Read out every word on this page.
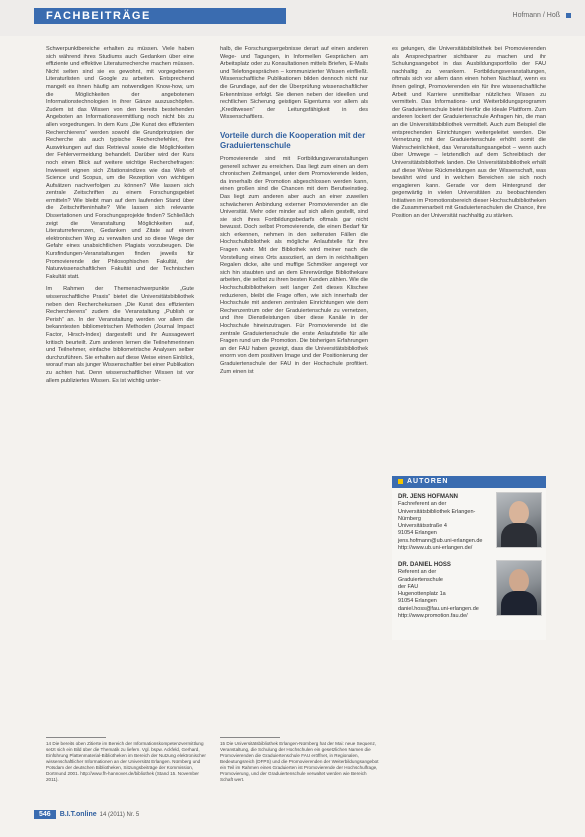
FACHBEITRÄGE	Hofmann / Hoß

Schwerpunktbereiche erhalten zu müssen. Viele haben sich während ihres Studiums auch Gedanken über eine effiziente und effektive Literaturrecherche machen müssen. Nicht selten sind sie es gewohnt, mit vorgegebenen Literaturlisten und Google zu arbeiten. Entsprechend mangelt es ihnen häufig am notwendigen Know-how, um die Möglichkeiten der angebotenen Informationstechnologien in ihrer Gänze auszuschöpfen. Zudem ist das Wissen von den bereits bestehenden Angeboten an Informationsvermittlung noch nicht bis zu allen vorgedrungen. In dem Kurs „Die Kunst des effizienten Recherchierens“ werden sowohl die Grundprinzipien der Recherche als auch typische Recherchefehler, ihre Auswirkungen auf das Retrieval sowie die Möglichkeiten der Fehlervermeidung behandelt. Darüber wird der Kurs noch einen Blick auf weitere wichtige Recherchefragen: Inwieweit eignen sich Zitationsindizes wie das Web of Science und Scopus, um die Rezeption von wichtigen Aufsätzen nachverfolgen zu können? Wie lassen sich zentrale Zeitschriften zu einem Forschungsgebiet ermitteln? Wie bleibt man auf dem laufenden Stand über die Zeitschrifteninhalte? Wie lassen sich relevante Dissertationen und Forschungsprojekte finden? Schließlich zeigt die Veranstaltung Möglichkeiten auf, Literaturreferenzen, Gedanken und Zitate auf einem elektronischen Weg zu verwalten und so diese Wege der Gefahr eines unabsichtlichen Plagiats vorzubeugen. Die Kursfindungen-Veranstaltungen finden jeweils für Promovierende der Philosophischen Fakultät, der Naturwissenschaftlichen Fakultät und der Technischen Fakultät statt.

Im Rahmen der Themenschwerpunkte „Gute wissenschaftliche Praxis“ bietet die Universitätsbibliothek neben den Recherchekursen „Die Kunst des effizienten Recherchierens“ zudem die Veranstaltung „Publish or Perish“ an. In der Veranstaltung werden vor allem die bekanntesten bibliometrischen Methoden (Journal Impact Factor, Hirsch-Index) dargestellt und ihr Aussagewert kritisch beurteilt. Zum anderen lernen die Teilnehmerinnen und Teilnehmer, einfache bibliometrische Analysen selber durchzuführen. Sie erhalten auf diese Weise einen Einblick, worauf man als junger Wissenschaftler bei einer Publikation zu achten hat. Denn wissenschaftlicher Wissen ist vor allem publiziertes Wissen. Es ist wichtig unter-

halb, die Forschungsergebnisse derart auf einen anderen Wege- und Tagungen, in Informellen Gesprächen am Arbeitsplatz oder zu Konsultationen mittels Briefen, E-Mails und Telefongesprächen – kommunizierter Wissen einfließt. Wissenschaftliche Publikationen bilden dennoch nicht nur die Grundlage, auf der die Überprüfung wissenschaftlicher Erkenntnisse erfolgt. Sie dienen neben der ideellen und rechtlichen Sicherung geistigen Eigentums vor allem als „Kreditwesen“ der Leitungsfähigkeit in des Wissenschaftlers.

Vorteile durch die Kooperation mit der Graduiertenschule

Promovierende sind mit Fortbildungsveranstaltungen generell schwer zu erreichen. Das liegt zum einen an dem chronischen Zeitmangel, unter dem Promovierende leiden, da innerhalb der Promotion abgeschlossen werden kann, einen großen sind die Chancen mit dem Berufseinstieg. Das liegt zum anderen aber auch an einer zuweilen schwächeren Anbindung externer Promovierender an die Universität. Mehr oder minder auf sich allein gestellt, sind sie sich ihres Fortbildungsbedarfs oftmals gar nicht bewusst. Doch selbst Promovierende, die einen Bedarf für sich erkennen, nehmen in den seltensten Fällen die Hochschulbibliothek als mögliche Anlaufstelle für ihre Fragen wahr. Mit der Bibliothek wird meiner nach die Vorstellung eines Orts assoziiert, an dem in reichhaltigen Regalen dicke, alte und muffige Schmöker angeregt vor sich hin staubten und an dem Ehrerwürdige Bibliothekare arbeiten, die selbst zu ihren besten Kunden zählen. Wie die Hochschulbibliotheken seit langer Zeit dieses Klischee reduzieren, bleibt die Frage offen, wie sich innerhalb der Hochschule mit anderen zentralen Einrichtungen wie dem Rechenzentrum oder der Graduiertenschule zu vernetzen, und ihre Dienstleistungen über diese Kanäle in der Hochschule hineinzutragen. Für Promovierende ist die zentrale Graduiertenschule die erste Anlaufstelle für alle Fragen rund um die Promotion. Die bisherigen Erfahrungen an der FAU haben gezeigt, dass die Universitätsbibliothek enorm von dem positiven Image und der Positionierung der Graduiertenschule der FAU in der Hochschule profitiert. Zum einen ist

es gelungen, die Universitätsbibliothek bei Promovierenden als Ansprechpartner sichtbarer zu machen und ihr Schulungsangebot in das Ausbildungsportfolio der FAU nachhaltig zu verankern. Fortbildungsveranstaltungen, oftmals sich vor allem dann einen hohen Nachlauf, wenn es ihnen gelingt, Promovierenden ein für ihre wissenschaftliche Arbeit und Karriere unmittelbar nützliches Wissen zu vermitteln. Das Informations- und Weiterbildungsprogramm der Graduiertenschule bietet hierfür die ideale Plattform. Zum anderen lockert der Graduiertenschule Anfragen hin, die man an die Universitätsbibliothek vermittelt. Auch zum Beispiel die entsprechenden Einrichtungen weitergeleitet werden. Die Vernetzung mit der Graduiertenschule erhöht somit die Wahrscheinlichkeit, das Veranstaltungsangebot – wenn auch über Umwege – letztendlich auf dem Schreibtisch der Universitätsbibliothek landen. Die Universitätsbibliothek erhält auf diese Weise Rückmeldungen aus der Wissenschaft, was bewährt wird und in welchen Bereichen sie sich noch engagieren kann. Gerade vor dem Hintergrund der gegenwärtig in vielen Universitäten zu beobachtenden Initiativen im Promotionsbereich dieser Hochschulbibliotheken die Zusammenarbeit mit Graduiertenschulen die Chance, ihre Position an der Universität nachhaltig zu stärken.

AUTOREN
DR. JENS HOFMANN
Fachreferent an der Universitätsbibliothek Erlangen-
Nürnberg
Universitätsstraße 4
91054 Erlangen
jens.hofmann@ub.uni-erlangen.de
http://www.ub.uni-erlangen.de/
DR. DANIEL HOSS
Referent an der
Graduiertenschule
der FAU
Hugenottenplatz 1a
91054 Erlangen
daniel.hoss@fau.uni-erlangen.de
http://www.promotion.fau.de/
14 Die bereits oben Zitierte im Bereich der Informationskompetenzvermittlung setzt sich ein Bild über die Thematik zu liefern. Vgl. bspw. Ackfeld, Gerhard, Einführung Plattenmaterial-Bibliotheken im Bereich der Nutzung elektronischer wissenschaftlicher Informationen an der Universität Erlangen. Nürnberg und Potsdam der deutschen Bibliotheken, Sitzungsbeiträge der Kommission, Dortmund 2001. http://www.fh-hannover.de/bibliothek (Stand 15. November 2011).
15 Die Universitätsbibliothek Erlangen-Nürnberg hat der Mai: neue Sequenz, Veranstaltung, die Schulung der Hochschulen ein gesetzlichen Namen die Promovierenden die Graduiertenschule FAU eröffnet, in Regionalen, Bedeutungsreich (DFPS) und die Promovierenden der Weiterbildungsangebot ein Teil im Rahmen eines Graduierten ist Promovierende der Hochschulfrage, Promovierung, und der Graduiertenschule verwaltet werden wie Bereich Schaft wert.
546 B.I.T.online 14 (2011) Nr. 5
